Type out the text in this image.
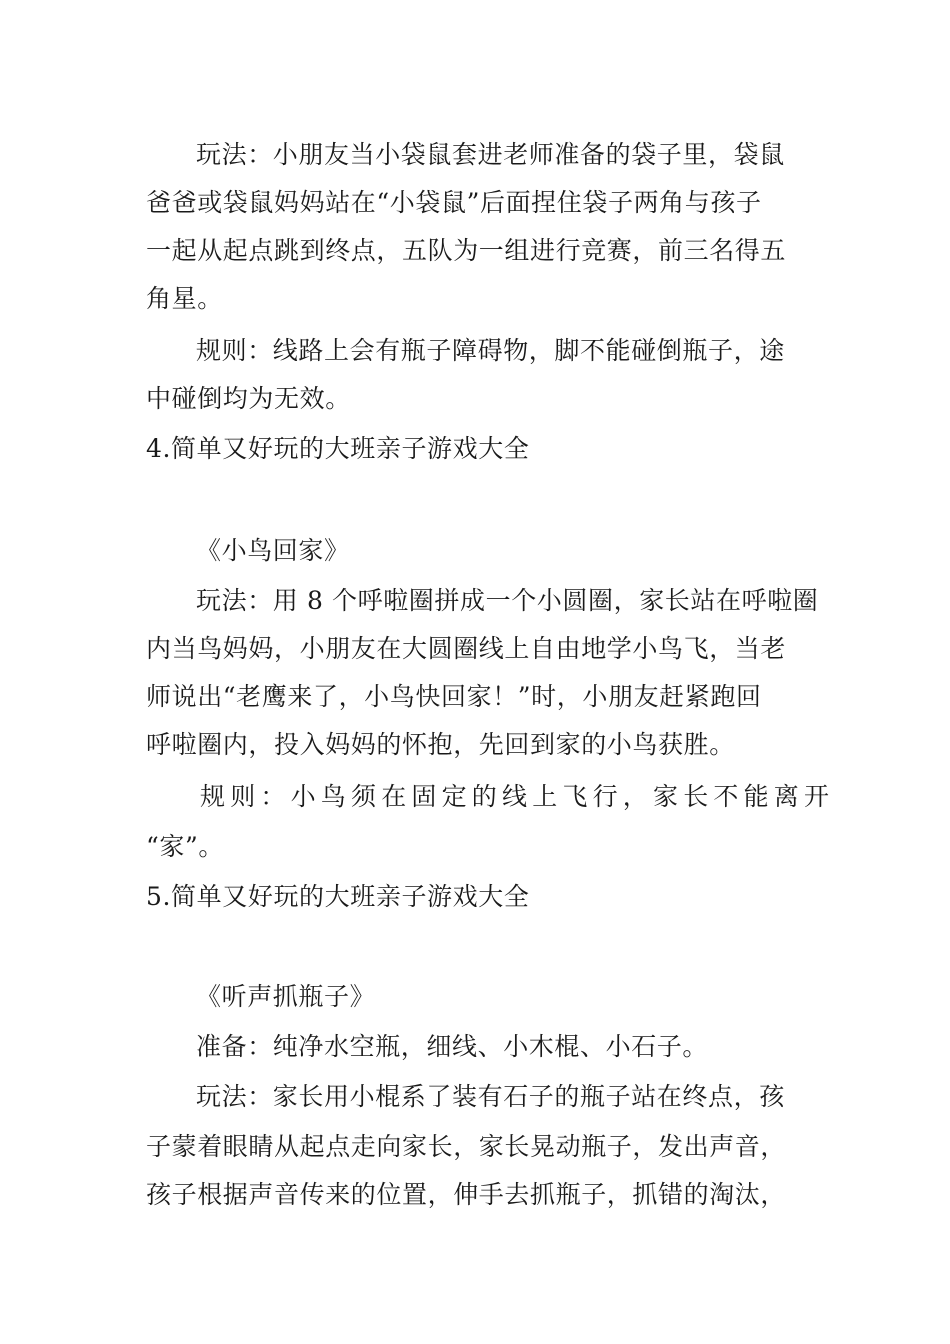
玩法：小朋友当小袋鼠套进老师准备的袋子里，袋鼠
爸爸或袋鼠妈妈站在“小袋鼠”后面捏住袋子两角与孩子
一起从起点跳到终点，五队为一组进行竞赛，前三名得五
角星。
规则：线路上会有瓶子障碍物，脚不能碰倒瓶子，途
中碰倒均为无效。
4.简单又好玩的大班亲子游戏大全
《小鸟回家》
玩法：用 8 个呼啦圈拼成一个小圆圈，家长站在呼啦圈
内当鸟妈妈，小朋友在大圆圈线上自由地学小鸟飞，当老
师说出“老鹰来了，小鸟快回家！”时，小朋友赶紧跑回
呼啦圈内，投入妈妈的怀抱，先回到家的小鸟获胜。
规则：小鸟须在固定的线上飞行，家长不能离开
“家”。
5.简单又好玩的大班亲子游戏大全
《听声抓瓶子》
准备：纯净水空瓶，细线、小木棍、小石子。
玩法：家长用小棍系了装有石子的瓶子站在终点，孩
子蒙着眼睛从起点走向家长，家长晃动瓶子，发出声音，
孩子根据声音传来的位置，伸手去抓瓶子，抓错的淘汰，
